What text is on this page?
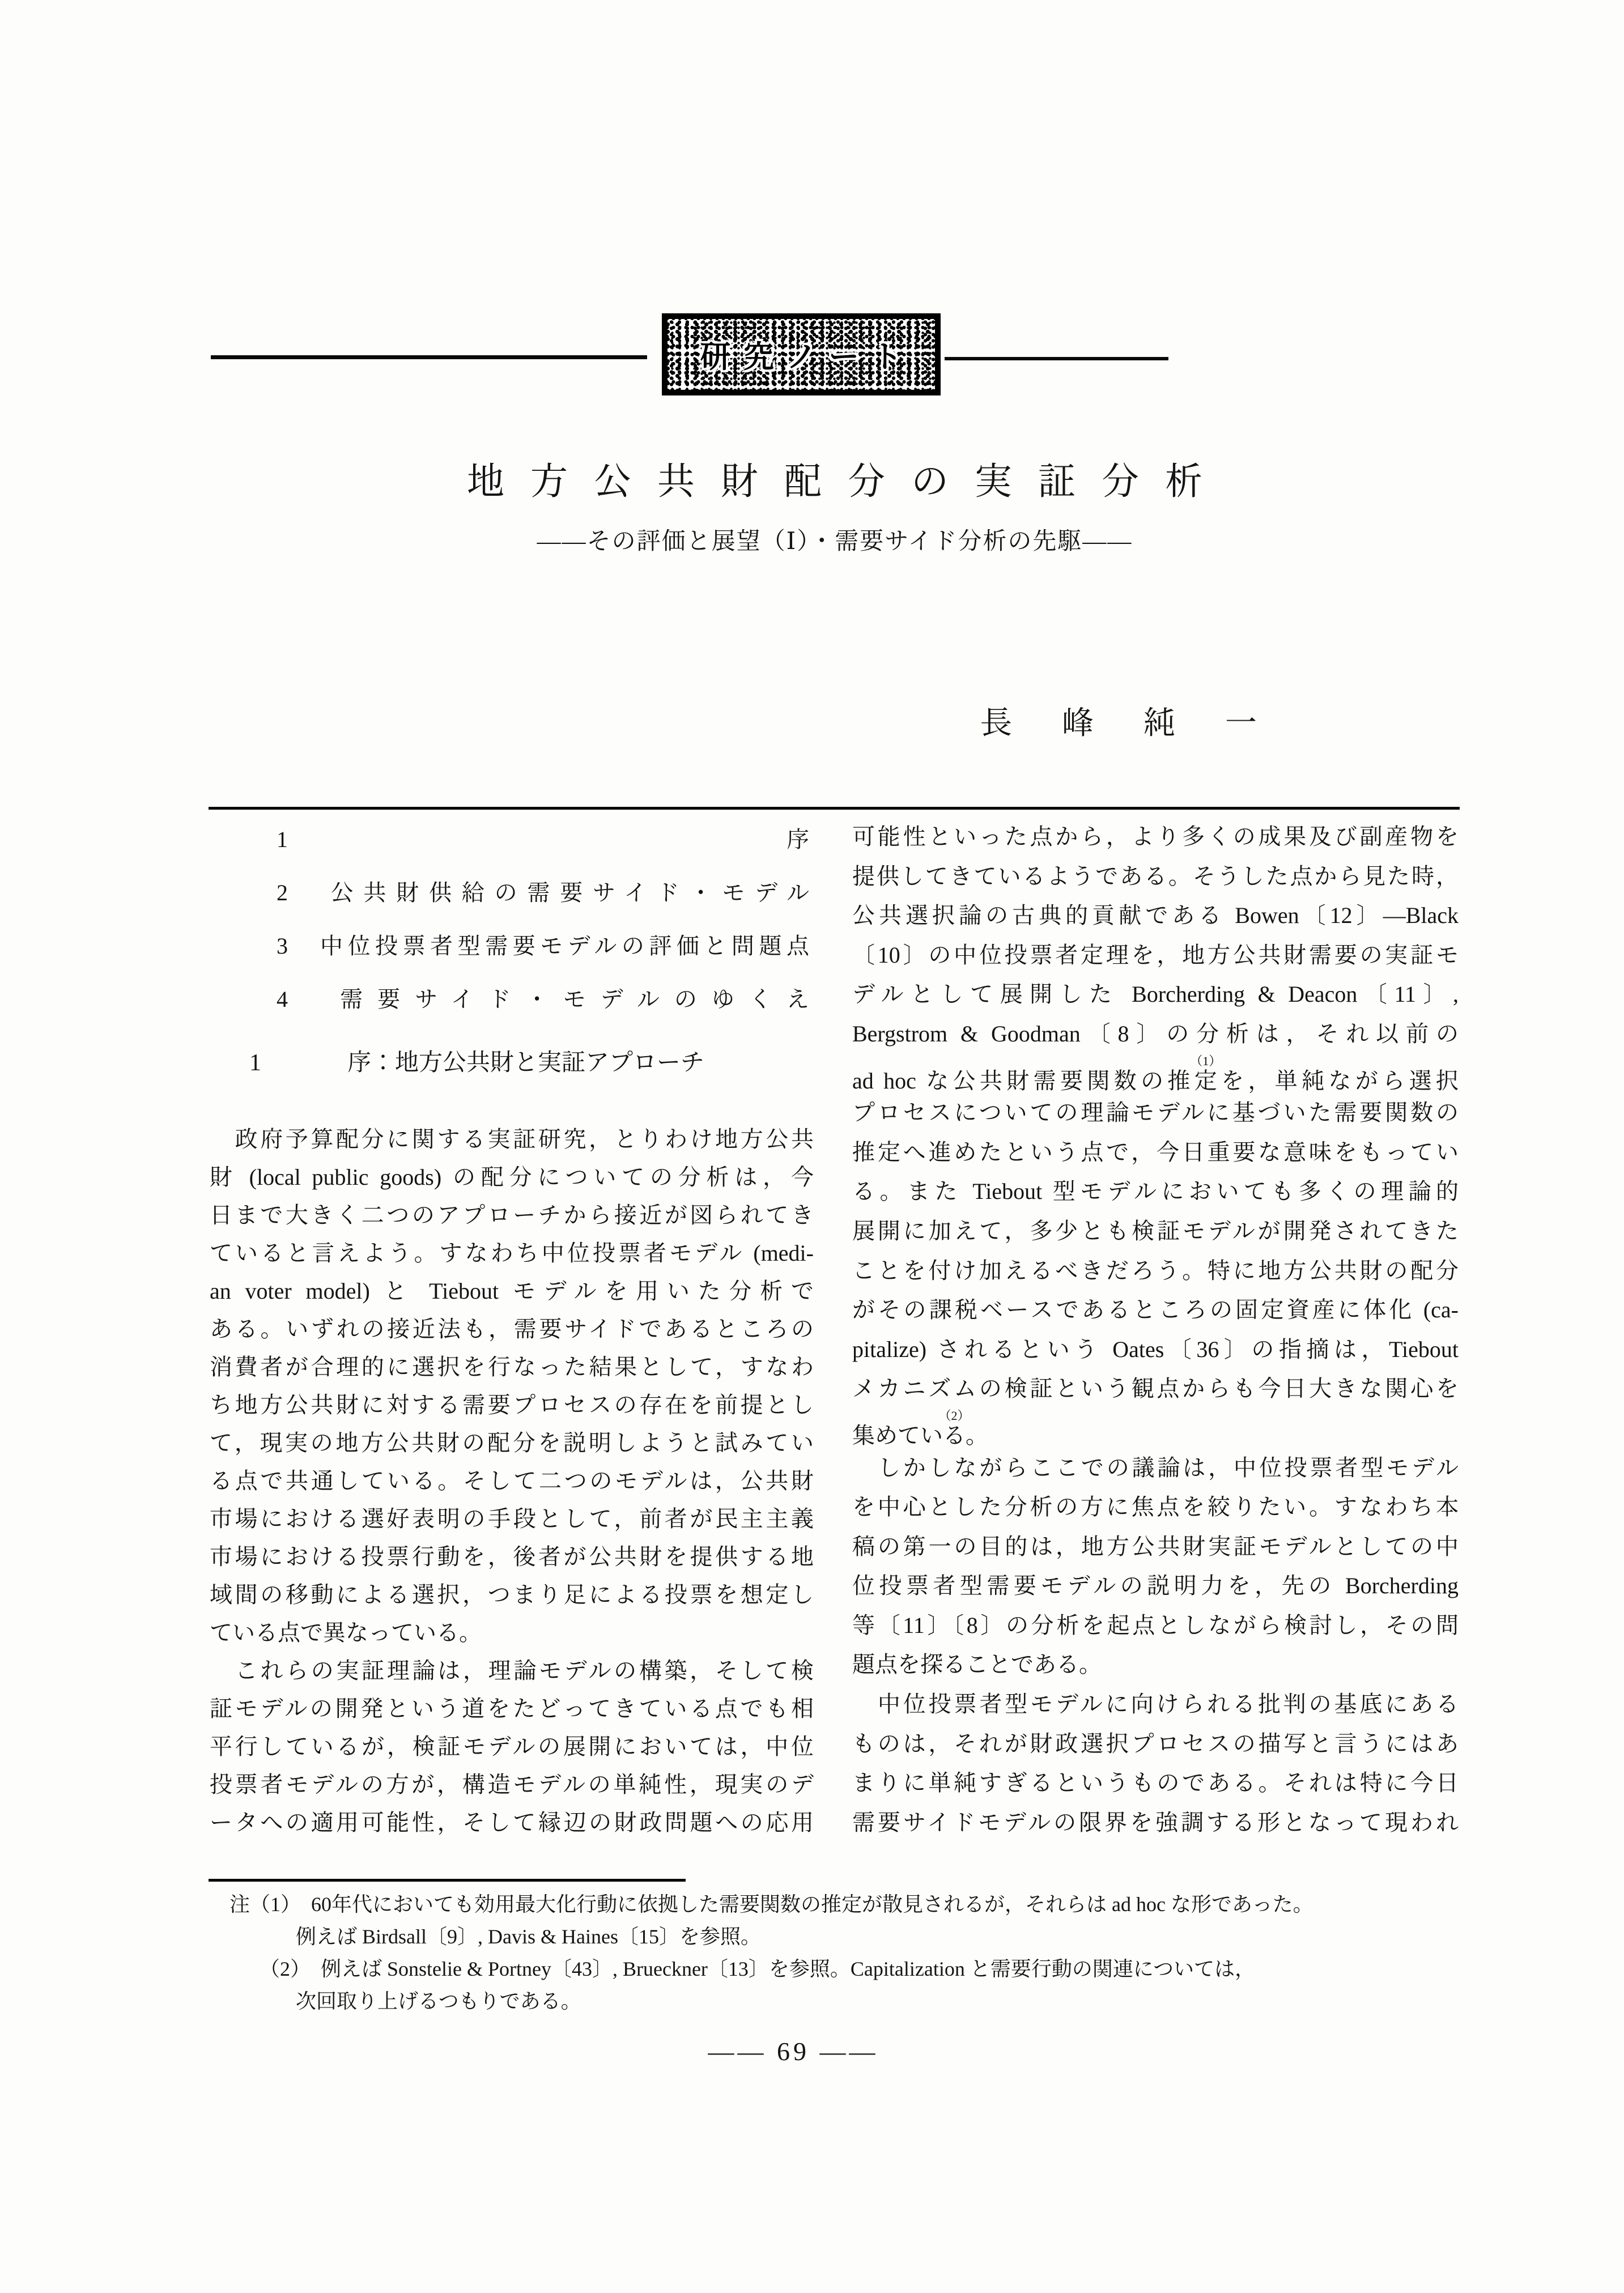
研究ノート
地方公共財配分の実証分析
——その評価と展望（Ⅰ）・需要サイド分析の先駆——
長　峰　純　一
1　序
2　公共財供給の需要サイド・モデル
3　中位投票者型需要モデルの評価と問題点
4　需要サイド・モデルのゆくえ
1	序：地方公共財と実証アプローチ
　政府予算配分に関する実証研究，とりわけ地方公共
財 (local public goods) の配分についての分析は，今
日まで大きく二つのアプローチから接近が図られてき
ていると言えよう。すなわち中位投票者モデル (medi-
an voter model) と Tiebout モデルを用いた分析で
ある。いずれの接近法も，需要サイドであるところの
消費者が合理的に選択を行なった結果として，すなわ
ち地方公共財に対する需要プロセスの存在を前提とし
て，現実の地方公共財の配分を説明しようと試みてい
る点で共通している。そして二つのモデルは，公共財
市場における選好表明の手段として，前者が民主主義
市場における投票行動を，後者が公共財を提供する地
域間の移動による選択，つまり足による投票を想定し
ている点で異なっている。
　これらの実証理論は，理論モデルの構築，そして検
証モデルの開発という道をたどってきている点でも相
平行しているが，検証モデルの展開においては，中位
投票者モデルの方が，構造モデルの単純性，現実のデ
ータへの適用可能性，そして縁辺の財政問題への応用
可能性といった点から，より多くの成果及び副産物を
提供してきているようである。そうした点から見た時，
公共選択論の古典的貢献である Bowen〔12〕—Black
〔10〕の中位投票者定理を，地方公共財需要の実証モ
デルとして展開した Borcherding & Deacon〔11〕,
Bergstrom & Goodman〔8〕の分析は，それ以前の
ad hoc な公共財需要関数の推定（1）を，単純ながら選択
プロセスについての理論モデルに基づいた需要関数の
推定へ進めたという点で，今日重要な意味をもってい
る。また Tiebout 型モデルにおいても多くの理論的
展開に加えて，多少とも検証モデルが開発されてきた
ことを付け加えるべきだろう。特に地方公共財の配分
がその課税ベースであるところの固定資産に体化 (ca-
pitalize) されるという Oates〔36〕の指摘は，Tiebout
メカニズムの検証という観点からも今日大きな関心を
集めている（2）。
　しかしながらここでの議論は，中位投票者型モデル
を中心とした分析の方に焦点を絞りたい。すなわち本
稿の第一の目的は，地方公共財実証モデルとしての中
位投票者型需要モデルの説明力を，先の Borcherding
等〔11〕〔8〕の分析を起点としながら検討し，その問
題点を探ることである。
　中位投票者型モデルに向けられる批判の基底にある
ものは，それが財政選択プロセスの描写と言うにはあ
まりに単純すぎるというものである。それは特に今日
需要サイドモデルの限界を強調する形となって現われ
注（1）　60年代においても効用最大化行動に依拠した需要関数の推定が散見されるが，それらは ad hoc な形であった。
例えば Birdsall〔9〕, Davis & Haines〔15〕を参照。
（2）　例えば Sonstelie & Portney〔43〕, Brueckner〔13〕を参照。Capitalization と需要行動の関連については，
次回取り上げるつもりである。
—— 69 ——
